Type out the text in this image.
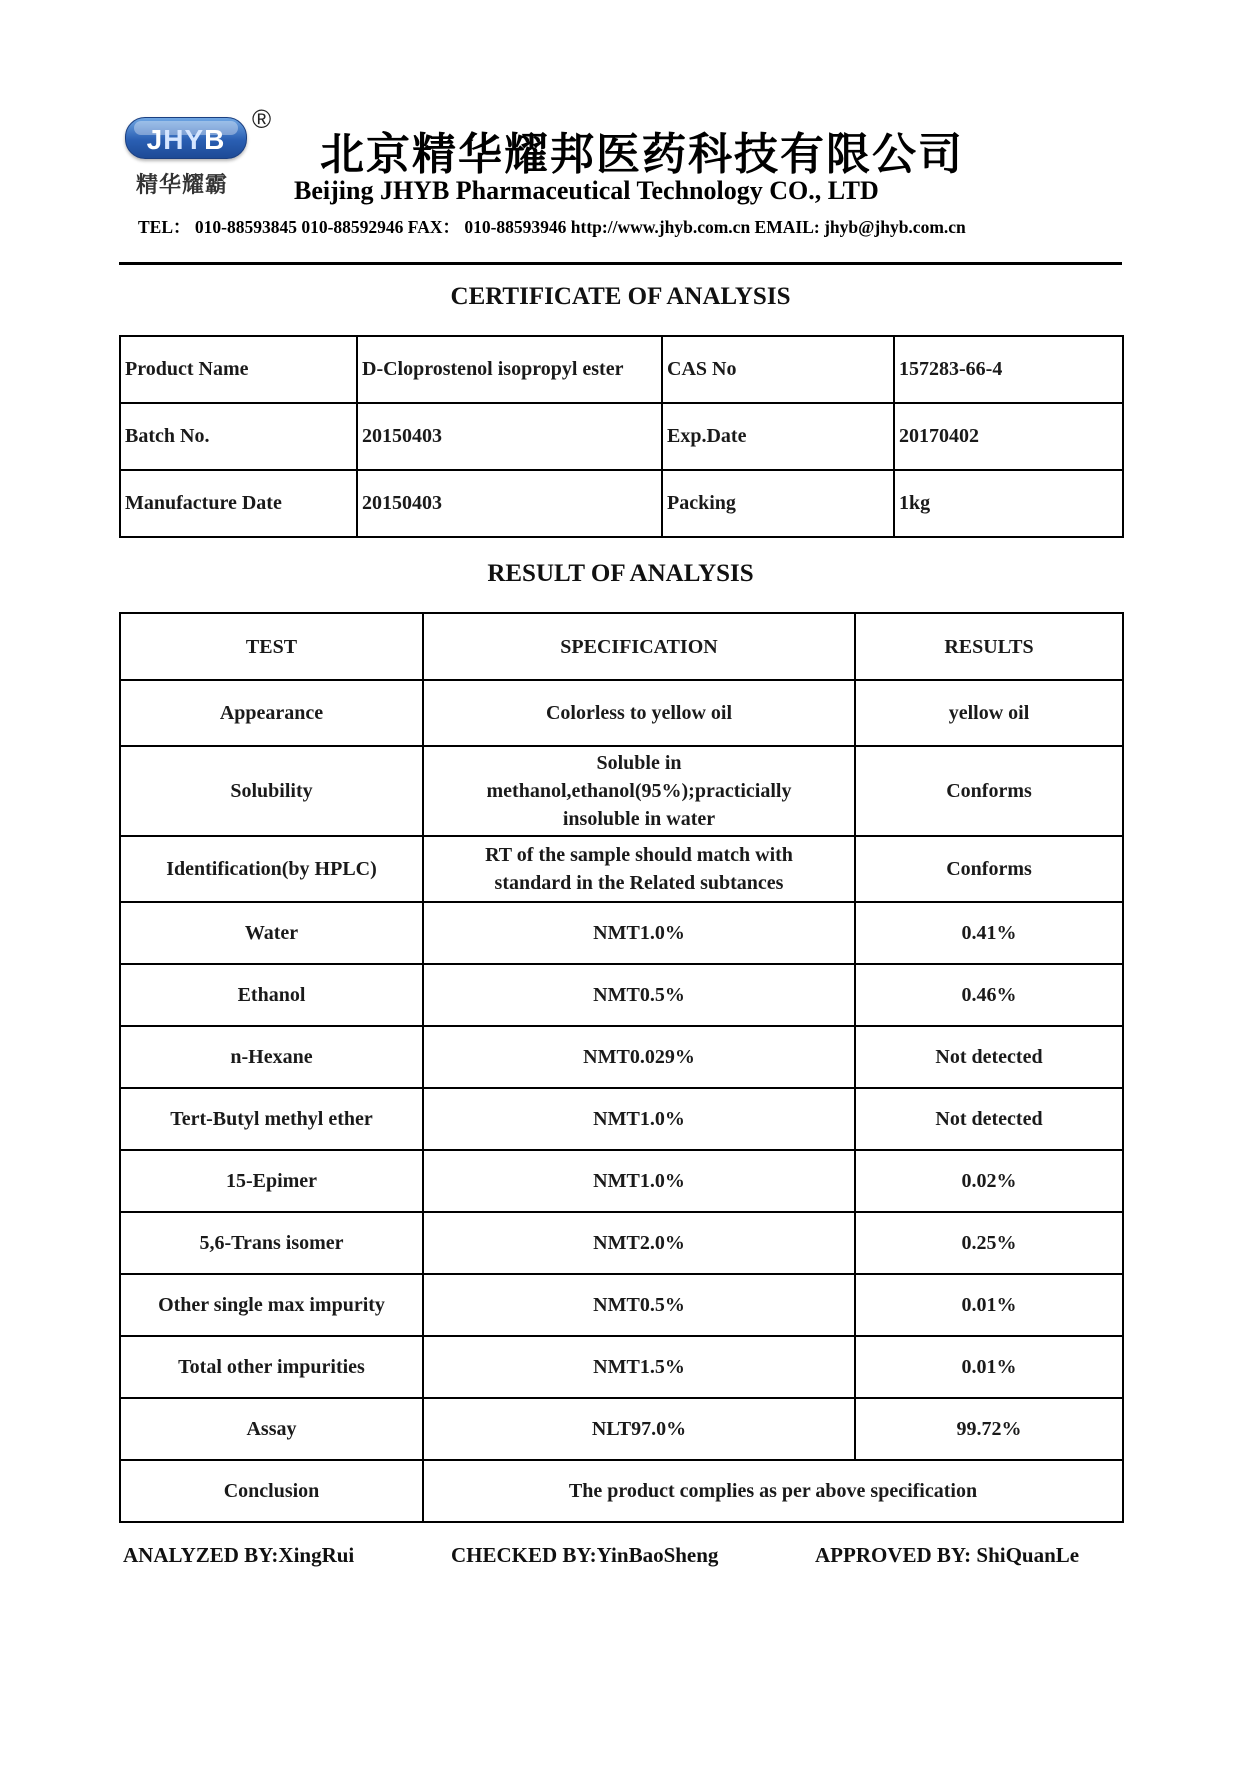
JHYB
®
精华耀霸
北京精华耀邦医药科技有限公司
Beijing JHYB Pharmaceutical Technology CO., LTD
TEL： 010-88593845 010-88592946 FAX： 010-88593946 http://www.jhyb.com.cn EMAIL: jhyb@jhyb.com.cn
CERTIFICATE OF ANALYSIS
Product Name	D-Cloprostenol isopropyl ester	CAS No	157283-66-4
Batch No.	20150403	Exp.Date	20170402
Manufacture Date	20150403	Packing	1kg
RESULT OF ANALYSIS
TEST	SPECIFICATION	RESULTS
Appearance	Colorless to yellow oil	yellow oil
Solubility	Soluble in
methanol,ethanol(95%);practicially
insoluble in water	Conforms
Identification(by HPLC)	RT of the sample should match with
standard in the Related subtances	Conforms
Water	NMT1.0%	0.41%
Ethanol	NMT0.5%	0.46%
n-Hexane	NMT0.029%	Not detected
Tert-Butyl methyl ether	NMT1.0%	Not detected
15-Epimer	NMT1.0%	0.02%
5,6-Trans isomer	NMT2.0%	0.25%
Other single max impurity	NMT0.5%	0.01%
Total other impurities	NMT1.5%	0.01%
Assay	NLT97.0%	99.72%
Conclusion	The product complies as per above specification	
ANALYZED BY:XingRui	CHECKED BY:YinBaoSheng	APPROVED BY: ShiQuanLe
